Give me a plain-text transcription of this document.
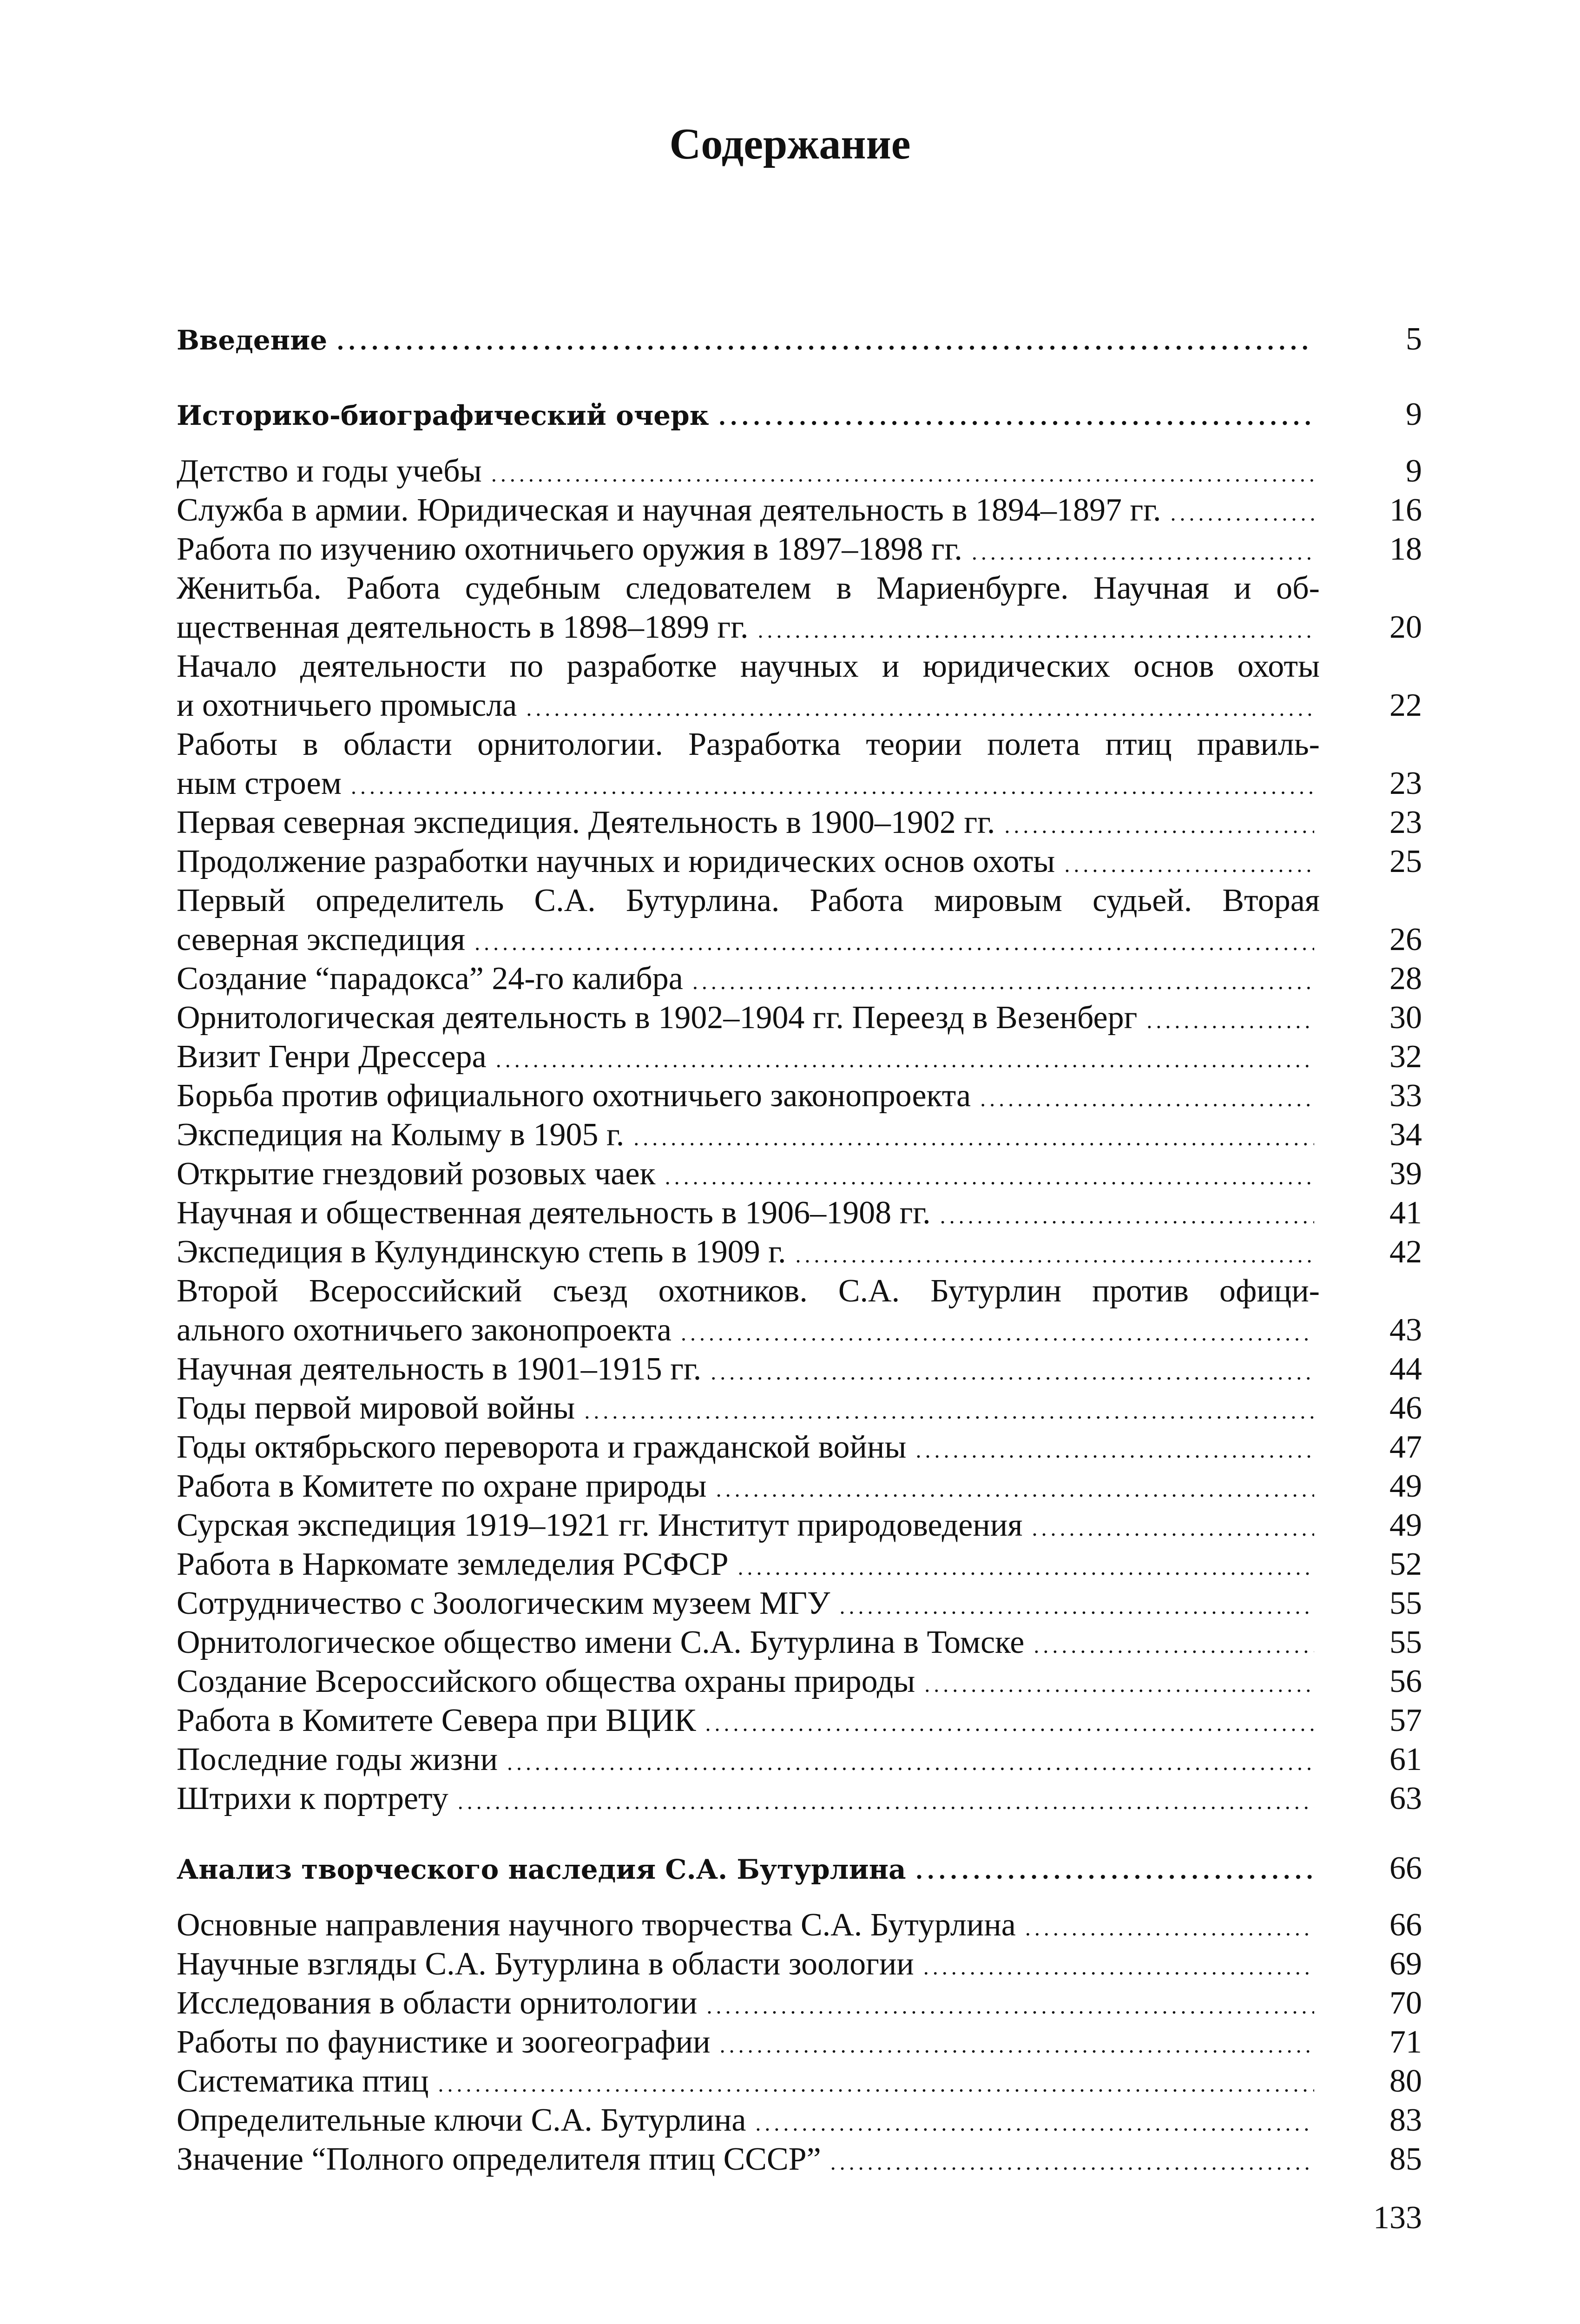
Содержание
Введение .....	5
Историко-биографический очерк .....	9
Детство и годы учебы .....	9
Служба в армии. Юридическая и научная деятельность в 1894–1897 гг. .....	16
Работа по изучению охотничьего оружия в 1897–1898 гг. .....	18
Женитьба. Работа судебным следователем в Мариенбурге. Научная и об-
щественная деятельность в 1898–1899 гг. .....	20
Начало деятельности по разработке научных и юридических основ охоты
и охотничьего промысла .....	22
Работы в области орнитологии. Разработка теории полета птиц правиль-
ным строем .....	23
Первая северная экспедиция. Деятельность в 1900–1902 гг. .....	23
Продолжение разработки научных и юридических основ охоты .....	25
Первый определитель С.А. Бутурлина. Работа мировым судьей. Вторая
северная экспедиция .....	26
Создание “парадокса” 24-го калибра .....	28
Орнитологическая деятельность в 1902–1904 гг. Переезд в Везенберг .....	30
Визит Генри Дрессера .....	32
Борьба против официального охотничьего законопроекта .....	33
Экспедиция на Колыму в 1905 г. .....	34
Открытие гнездовий розовых чаек .....	39
Научная и общественная деятельность в 1906–1908 гг. .....	41
Экспедиция в Кулундинскую степь в 1909 г. .....	42
Второй Всероссийский съезд охотников. С.А. Бутурлин против офици-
ального охотничьего законопроекта .....	43
Научная деятельность в 1901–1915 гг. .....	44
Годы первой мировой войны .....	46
Годы октябрьского переворота и гражданской войны .....	47
Работа в Комитете по охране природы .....	49
Сурская экспедиция 1919–1921 гг. Институт природоведения .....	49
Работа в Наркомате земледелия РСФСР .....	52
Сотрудничество с Зоологическим музеем МГУ .....	55
Орнитологическое общество имени С.А. Бутурлина в Томске .....	55
Создание Всероссийского общества охраны природы .....	56
Работа в Комитете Севера при ВЦИК .....	57
Последние годы жизни .....	61
Штрихи к портрету .....	63
Анализ творческого наследия С.А. Бутурлина .....	66
Основные направления научного творчества С.А. Бутурлина .....	66
Научные взгляды С.А. Бутурлина в области зоологии .....	69
Исследования в области орнитологии .....	70
Работы по фаунистике и зоогеографии .....	71
Систематика птиц .....	80
Определительные ключи С.А. Бутурлина .....	83
Значение “Полного определителя птиц СССР” .....	85
133
